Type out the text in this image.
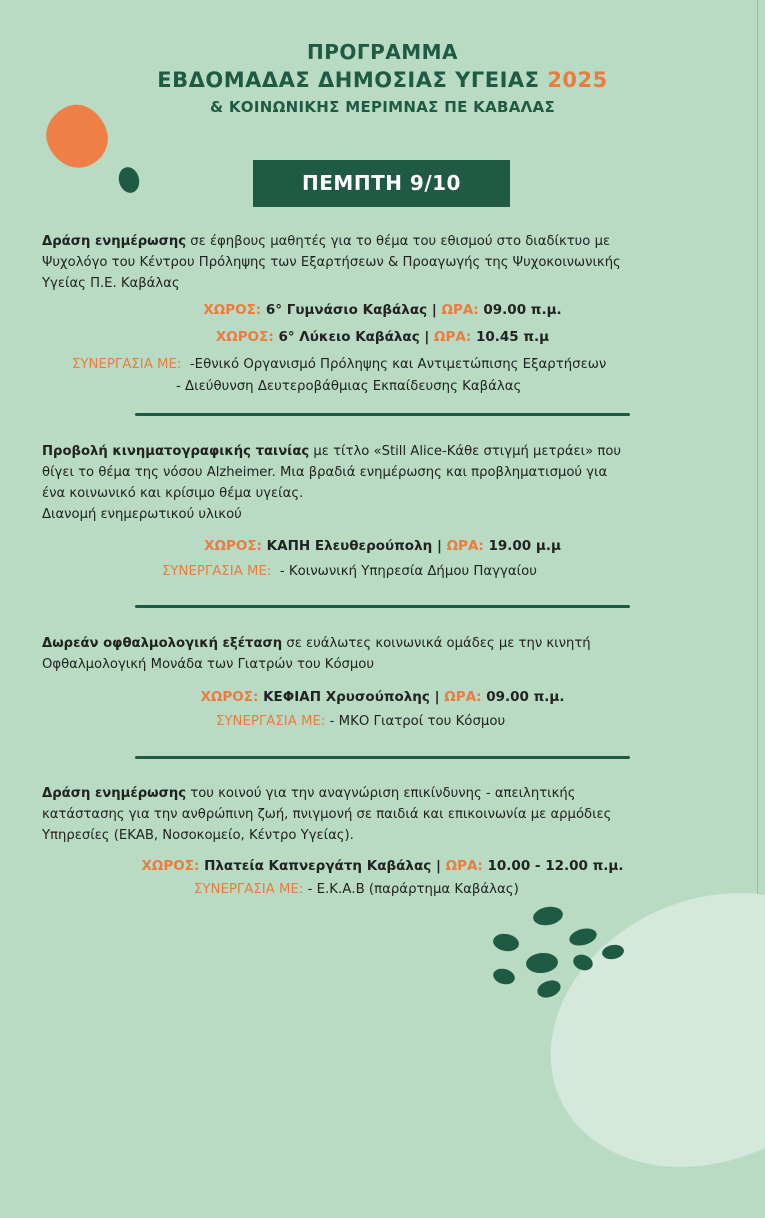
ΠΡΟΓΡΑΜΜΑ
ΕΒΔΟΜΑΔΑΣ ΔΗΜΟΣΙΑΣ ΥΓΕΙΑΣ 2025
& ΚΟΙΝΩΝΙΚΗΣ ΜΕΡΙΜΝΑΣ ΠΕ ΚΑΒΑΛΑΣ
ΠΕΜΠΤΗ 9/10
Δράση ενημέρωσης σε έφηβους μαθητές για το θέμα του εθισμού στο διαδίκτυο με
Ψυχολόγο του Κέντρου Πρόληψης των Εξαρτήσεων & Προαγωγής της Ψυχοκοινωνικής
Υγείας Π.Ε. Καβάλας
ΧΩΡΟΣ: 6° Γυμνάσιο Καβάλας | ΩΡΑ: 09.00 π.μ.
ΧΩΡΟΣ: 6° Λύκειο Καβάλας | ΩΡΑ: 10.45 π.μ
ΣΥΝΕΡΓΑΣΙΑ ΜΕ: -Εθνικό Οργανισμό Πρόληψης και Αντιμετώπισης Εξαρτήσεων
- Διεύθυνση Δευτεροβάθμιας Εκπαίδευσης Καβάλας
Προβολή κινηματογραφικής ταινίας με τίτλο «Still Alice-Κάθε στιγμή μετράει» που
θίγει το θέμα της νόσου Alzheimer. Μια βραδιά ενημέρωσης και προβληματισμού για
ένα κοινωνικό και κρίσιμο θέμα υγείας.
Διανομή ενημερωτικού υλικού
ΧΩΡΟΣ: ΚΑΠΗ Ελευθερούπολη | ΩΡΑ: 19.00 μ.μ
ΣΥΝΕΡΓΑΣΙΑ ΜΕ:  - Κοινωνική Υπηρεσία Δήμου Παγγαίου
Δωρεάν οφθαλμολογική εξέταση σε ευάλωτες κοινωνικά ομάδες με την κινητή
Οφθαλμολογική Μονάδα των Γιατρών του Κόσμου
ΧΩΡΟΣ: ΚΕΦΙΑΠ Χρυσούπολης | ΩΡΑ: 09.00 π.μ.
ΣΥΝΕΡΓΑΣΙΑ ΜΕ: - ΜΚΟ Γιατροί του Κόσμου
Δράση ενημέρωσης του κοινού για την αναγνώριση επικίνδυνης - απειλητικής
κατάστασης για την ανθρώπινη ζωή, πνιγμονή σε παιδιά και επικοινωνία με αρμόδιες
Υπηρεσίες (ΕΚΑΒ, Νοσοκομείο, Κέντρο Υγείας).
ΧΩΡΟΣ: Πλατεία Καπνεργάτη Καβάλας | ΩΡΑ: 10.00 - 12.00 π.μ.
ΣΥΝΕΡΓΑΣΙΑ ΜΕ: - Ε.Κ.Α.Β (παράρτημα Καβάλας)
